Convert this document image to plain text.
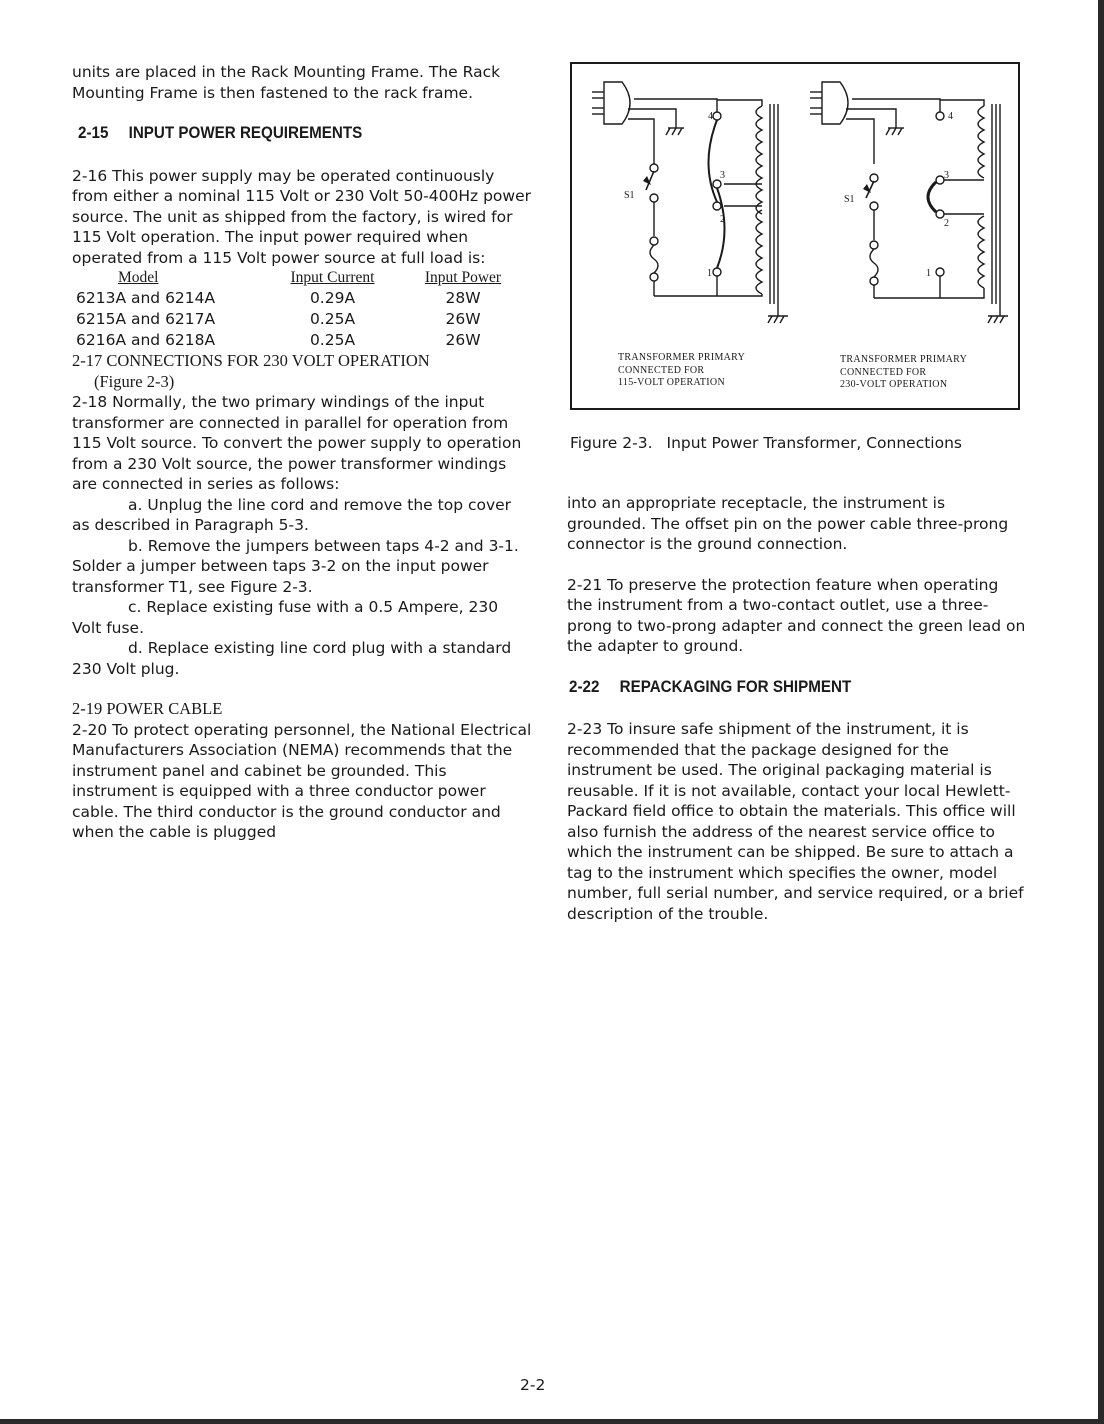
units are placed in the Rack Mounting Frame. The Rack Mounting Frame is then fastened to the rack frame.

2-15 INPUT POWER REQUIREMENTS

2-16 This power supply may be operated continuously from either a nominal 115 Volt or 230 Volt 50-400Hz power source. The unit as shipped from the factory, is wired for 115 Volt operation. The input power required when operated from a 115 Volt power source at full load is:

Model	Input Current	Input Power
6213A and 6214A	0.29A	28W
6215A and 6217A	0.25A	26W
6216A and 6218A	0.25A	26W

2-17 CONNECTIONS FOR 230 VOLT OPERATION

(Figure 2-3)

2-18 Normally, the two primary windings of the input transformer are connected in parallel for operation from 115 Volt source. To convert the power supply to operation from a 230 Volt source, the power transformer windings are connected in series as follows:

a. Unplug the line cord and remove the top cover as described in Paragraph 5-3.

b. Remove the jumpers between taps 4-2 and 3-1. Solder a jumper between taps 3-2 on the input power transformer T1, see Figure 2-3.

c. Replace existing fuse with a 0.5 Ampere, 230 Volt fuse.

d. Replace existing line cord plug with a standard 230 Volt plug.

2-19 POWER CABLE

2-20 To protect operating personnel, the National Electrical Manufacturers Association (NEMA) recommends that the instrument panel and cabinet be grounded. This instrument is equipped with a three conductor power cable. The third conductor is the ground conductor and when the cable is plugged

4
3
2
1
S1
4
3
2
1
S1
TRANSFORMER PRIMARY
CONNECTED FOR
115-VOLT OPERATION
TRANSFORMER PRIMARY
CONNECTED FOR
230-VOLT OPERATION
Figure 2-3. Input Power Transformer, Connections

into an appropriate receptacle, the instrument is grounded. The offset pin on the power cable three-prong connector is the ground connection.

2-21 To preserve the protection feature when operating the instrument from a two-contact outlet, use a three-prong to two-prong adapter and connect the green lead on the adapter to ground.

2-22 REPACKAGING FOR SHIPMENT

2-23 To insure safe shipment of the instrument, it is recommended that the package designed for the instrument be used. The original packaging material is reusable. If it is not available, contact your local Hewlett-Packard field office to obtain the materials. This office will also furnish the address of the nearest service office to which the instrument can be shipped. Be sure to attach a tag to the instrument which specifies the owner, model number, full serial number, and service required, or a brief description of the trouble.

2-2
